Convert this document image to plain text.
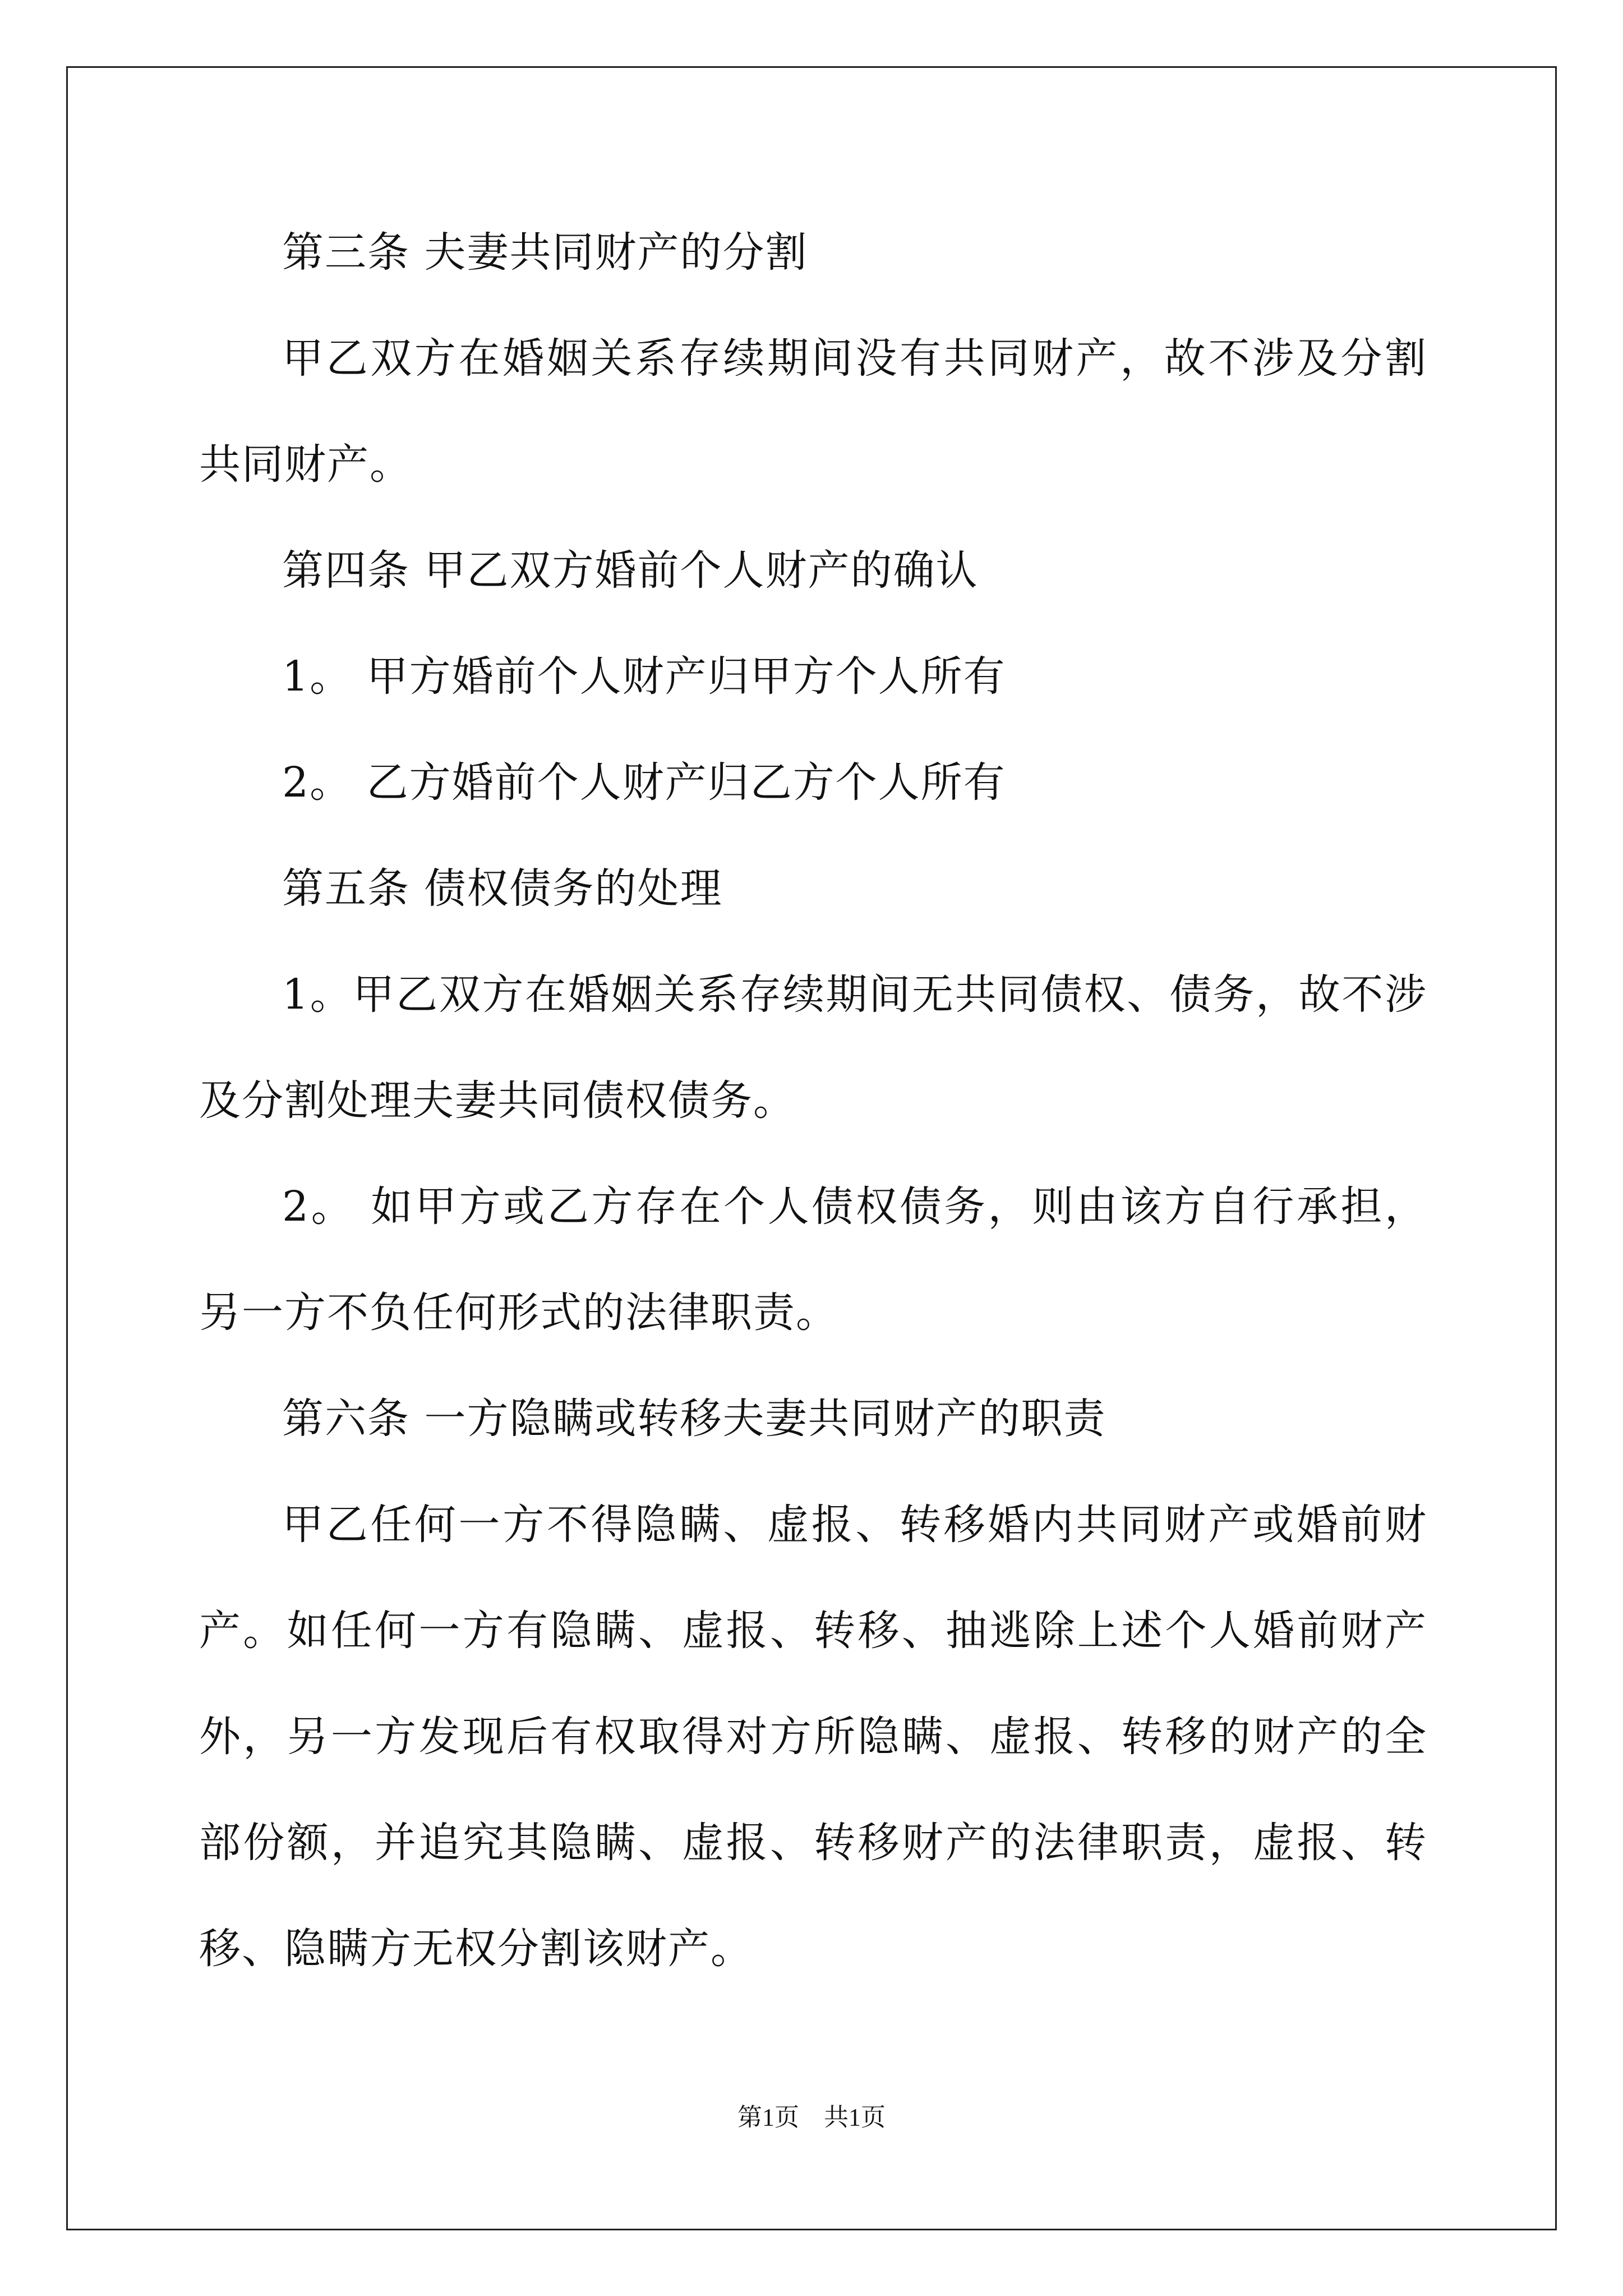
第三条 夫妻共同财产的分割

甲乙双方在婚姻关系存续期间没有共同财产，故不涉及分割共同财产。

第四条 甲乙双方婚前个人财产的确认

1。 甲方婚前个人财产归甲方个人所有

2。 乙方婚前个人财产归乙方个人所有

第五条 债权债务的处理

1。甲乙双方在婚姻关系存续期间无共同债权、债务，故不涉及分割处理夫妻共同债权债务。

2。 如甲方或乙方存在个人债权债务，则由该方自行承担，另一方不负任何形式的法律职责。

第六条 一方隐瞒或转移夫妻共同财产的职责

甲乙任何一方不得隐瞒、虚报、转移婚内共同财产或婚前财产。如任何一方有隐瞒、虚报、转移、抽逃除上述个人婚前财产外，另一方发现后有权取得对方所隐瞒、虚报、转移的财产的全部份额，并追究其隐瞒、虚报、转移财产的法律职责，虚报、转移、隐瞒方无权分割该财产。

第1页　共1页
